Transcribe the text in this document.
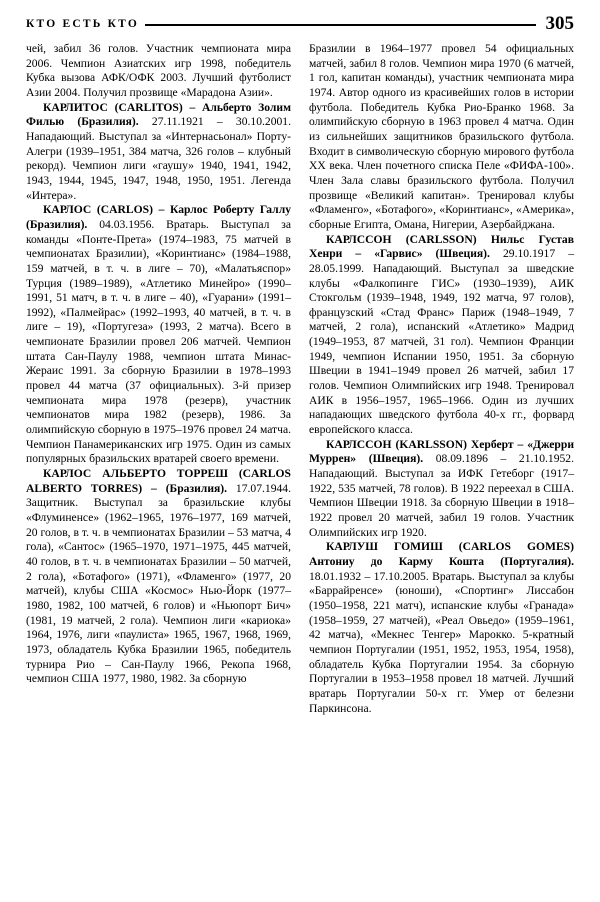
КТО ЕСТЬ КТО	305

чей, забил 36 голов. Участник чемпионата мира 2006. Чемпион Азиатских игр 1998, победитель Кубка вызова АФК/ОФК 2003. Лучший футболист Азии 2004. Получил прозвище «Марадона Азии».

КАРЛИТОС (CARLITOS) – Альберто Золим Филью (Бразилия). 27.11.1921 – 30.10.2001. Нападающий. Выступал за «Интернасьонал» Порту-Алегри (1939–1951, 384 матча, 326 голов – клубный рекорд). Чемпион лиги «гаушу» 1940, 1941, 1942, 1943, 1944, 1945, 1947, 1948, 1950, 1951. Легенда «Интера».

КАРЛОС (CARLOS) – Карлос Роберту Галлу (Бразилия). 04.03.1956. Вратарь. Выступал за команды «Понте-Прета» (1974–1983, 75 матчей в чемпионатах Бразилии), «Коринтианс» (1984–1988, 159 матчей, в т. ч. в лиге – 70), «Малатьяспор» Турция (1989–1989), «Атлетико Минейро» (1990–1991, 51 матч, в т. ч. в лиге – 40), «Гуарани» (1991–1992), «Палмейрас» (1992–1993, 40 матчей, в т. ч. в лиге – 19), «Португеза» (1993, 2 матча). Всего в чемпионате Бразилии провел 206 матчей. Чемпион штата Сан-Паулу 1988, чемпион штата Минас-Жераис 1991. За сборную Бразилии в 1978–1993 провел 44 матча (37 официальных). 3-й призер чемпионата мира 1978 (резерв), участник чемпионатов мира 1982 (резерв), 1986. За олимпийскую сборную в 1975–1976 провел 24 матча. Чемпион Панамериканских игр 1975. Один из самых популярных бразильских вратарей своего времени.

КАРЛОС АЛЬБЕРТО ТОРРЕШ (CARLOS ALBERTO TORRES) – (Бразилия). 17.07.1944. Защитник. Выступал за бразильские клубы «Флуминенсе» (1962–1965, 1976–1977, 169 матчей, 20 голов, в т. ч. в чемпионатах Бразилии – 53 матча, 4 гола), «Сантос» (1965–1970, 1971–1975, 445 матчей, 40 голов, в т. ч. в чемпионатах Бразилии – 50 матчей, 2 гола), «Ботафого» (1971), «Фламенго» (1977, 20 матчей), клубы США «Космос» Нью-Йорк (1977–1980, 1982, 100 матчей, 6 голов) и «Ньюпорт Бич» (1981, 19 матчей, 2 гола). Чемпион лиги «кариока» 1964, 1976, лиги «паулиста» 1965, 1967, 1968, 1969, 1973, обладатель Кубка Бразилии 1965, победитель турнира Рио – Сан-Паулу 1966, Рекопа 1968, чемпион США 1977, 1980, 1982. За сборную

Бразилии в 1964–1977 провел 54 официальных матчей, забил 8 голов. Чемпион мира 1970 (6 матчей, 1 гол, капитан команды), участник чемпионата мира 1974. Автор одного из красивейших голов в истории футбола. Победитель Кубка Рио-Бранко 1968. За олимпийскую сборную в 1963 провел 4 матча. Один из сильнейших защитников бразильского футбола. Входит в символическую сборную мирового футбола XX века. Член почетного списка Пеле «ФИФА-100». Член Зала славы бразильского футбола. Получил прозвище «Великий капитан». Тренировал клубы «Фламенго», «Ботафого», «Коринтианс», «Америка», сборные Египта, Омана, Нигерии, Азербайджана.

КАРЛССОН (CARLSSON) Нильс Густав Хенри – «Гарвис» (Швеция). 29.10.1917 – 28.05.1999. Нападающий. Выступал за шведские клубы «Фалкопинге ГИС» (1930–1939), АИК Стокгольм (1939–1948, 1949, 192 матча, 97 голов), французский «Стад Франс» Париж (1948–1949, 7 матчей, 2 гола), испанский «Атлетико» Мадрид (1949–1953, 87 матчей, 31 гол). Чемпион Франции 1949, чемпион Испании 1950, 1951. За сборную Швеции в 1941–1949 провел 26 матчей, забил 17 голов. Чемпион Олимпийских игр 1948. Тренировал АИК в 1956–1957, 1965–1966. Один из лучших нападающих шведского футбола 40-х гг., форвард европейского класса.

КАРЛССОН (KARLSSON) Херберт – «Джерри Муррен» (Швеция). 08.09.1896 – 21.10.1952. Нападающий. Выступал за ИФК Гетеборг (1917–1922, 535 матчей, 78 голов). В 1922 переехал в США. Чемпион Швеции 1918. За сборную Швеции в 1918–1922 провел 20 матчей, забил 19 голов. Участник Олимпийских игр 1920.

КАРЛУШ ГОМИШ (CARLOS GOMES) Антониу до Карму Кошта (Португалия). 18.01.1932 – 17.10.2005. Вратарь. Выступал за клубы «Баррайренсе» (юноши), «Спортинг» Лиссабон (1950–1958, 221 матч), испанские клубы «Гранада» (1958–1959, 27 матчей), «Реал Овьедо» (1959–1961, 42 матча), «Мекнес Тенгер» Марокко. 5-кратный чемпион Португалии (1951, 1952, 1953, 1954, 1958), обладатель Кубка Португалии 1954. За сборную Португалии в 1953–1958 провел 18 матчей. Лучший вратарь Португалии 50-х гг. Умер от белезни Паркинсона.
